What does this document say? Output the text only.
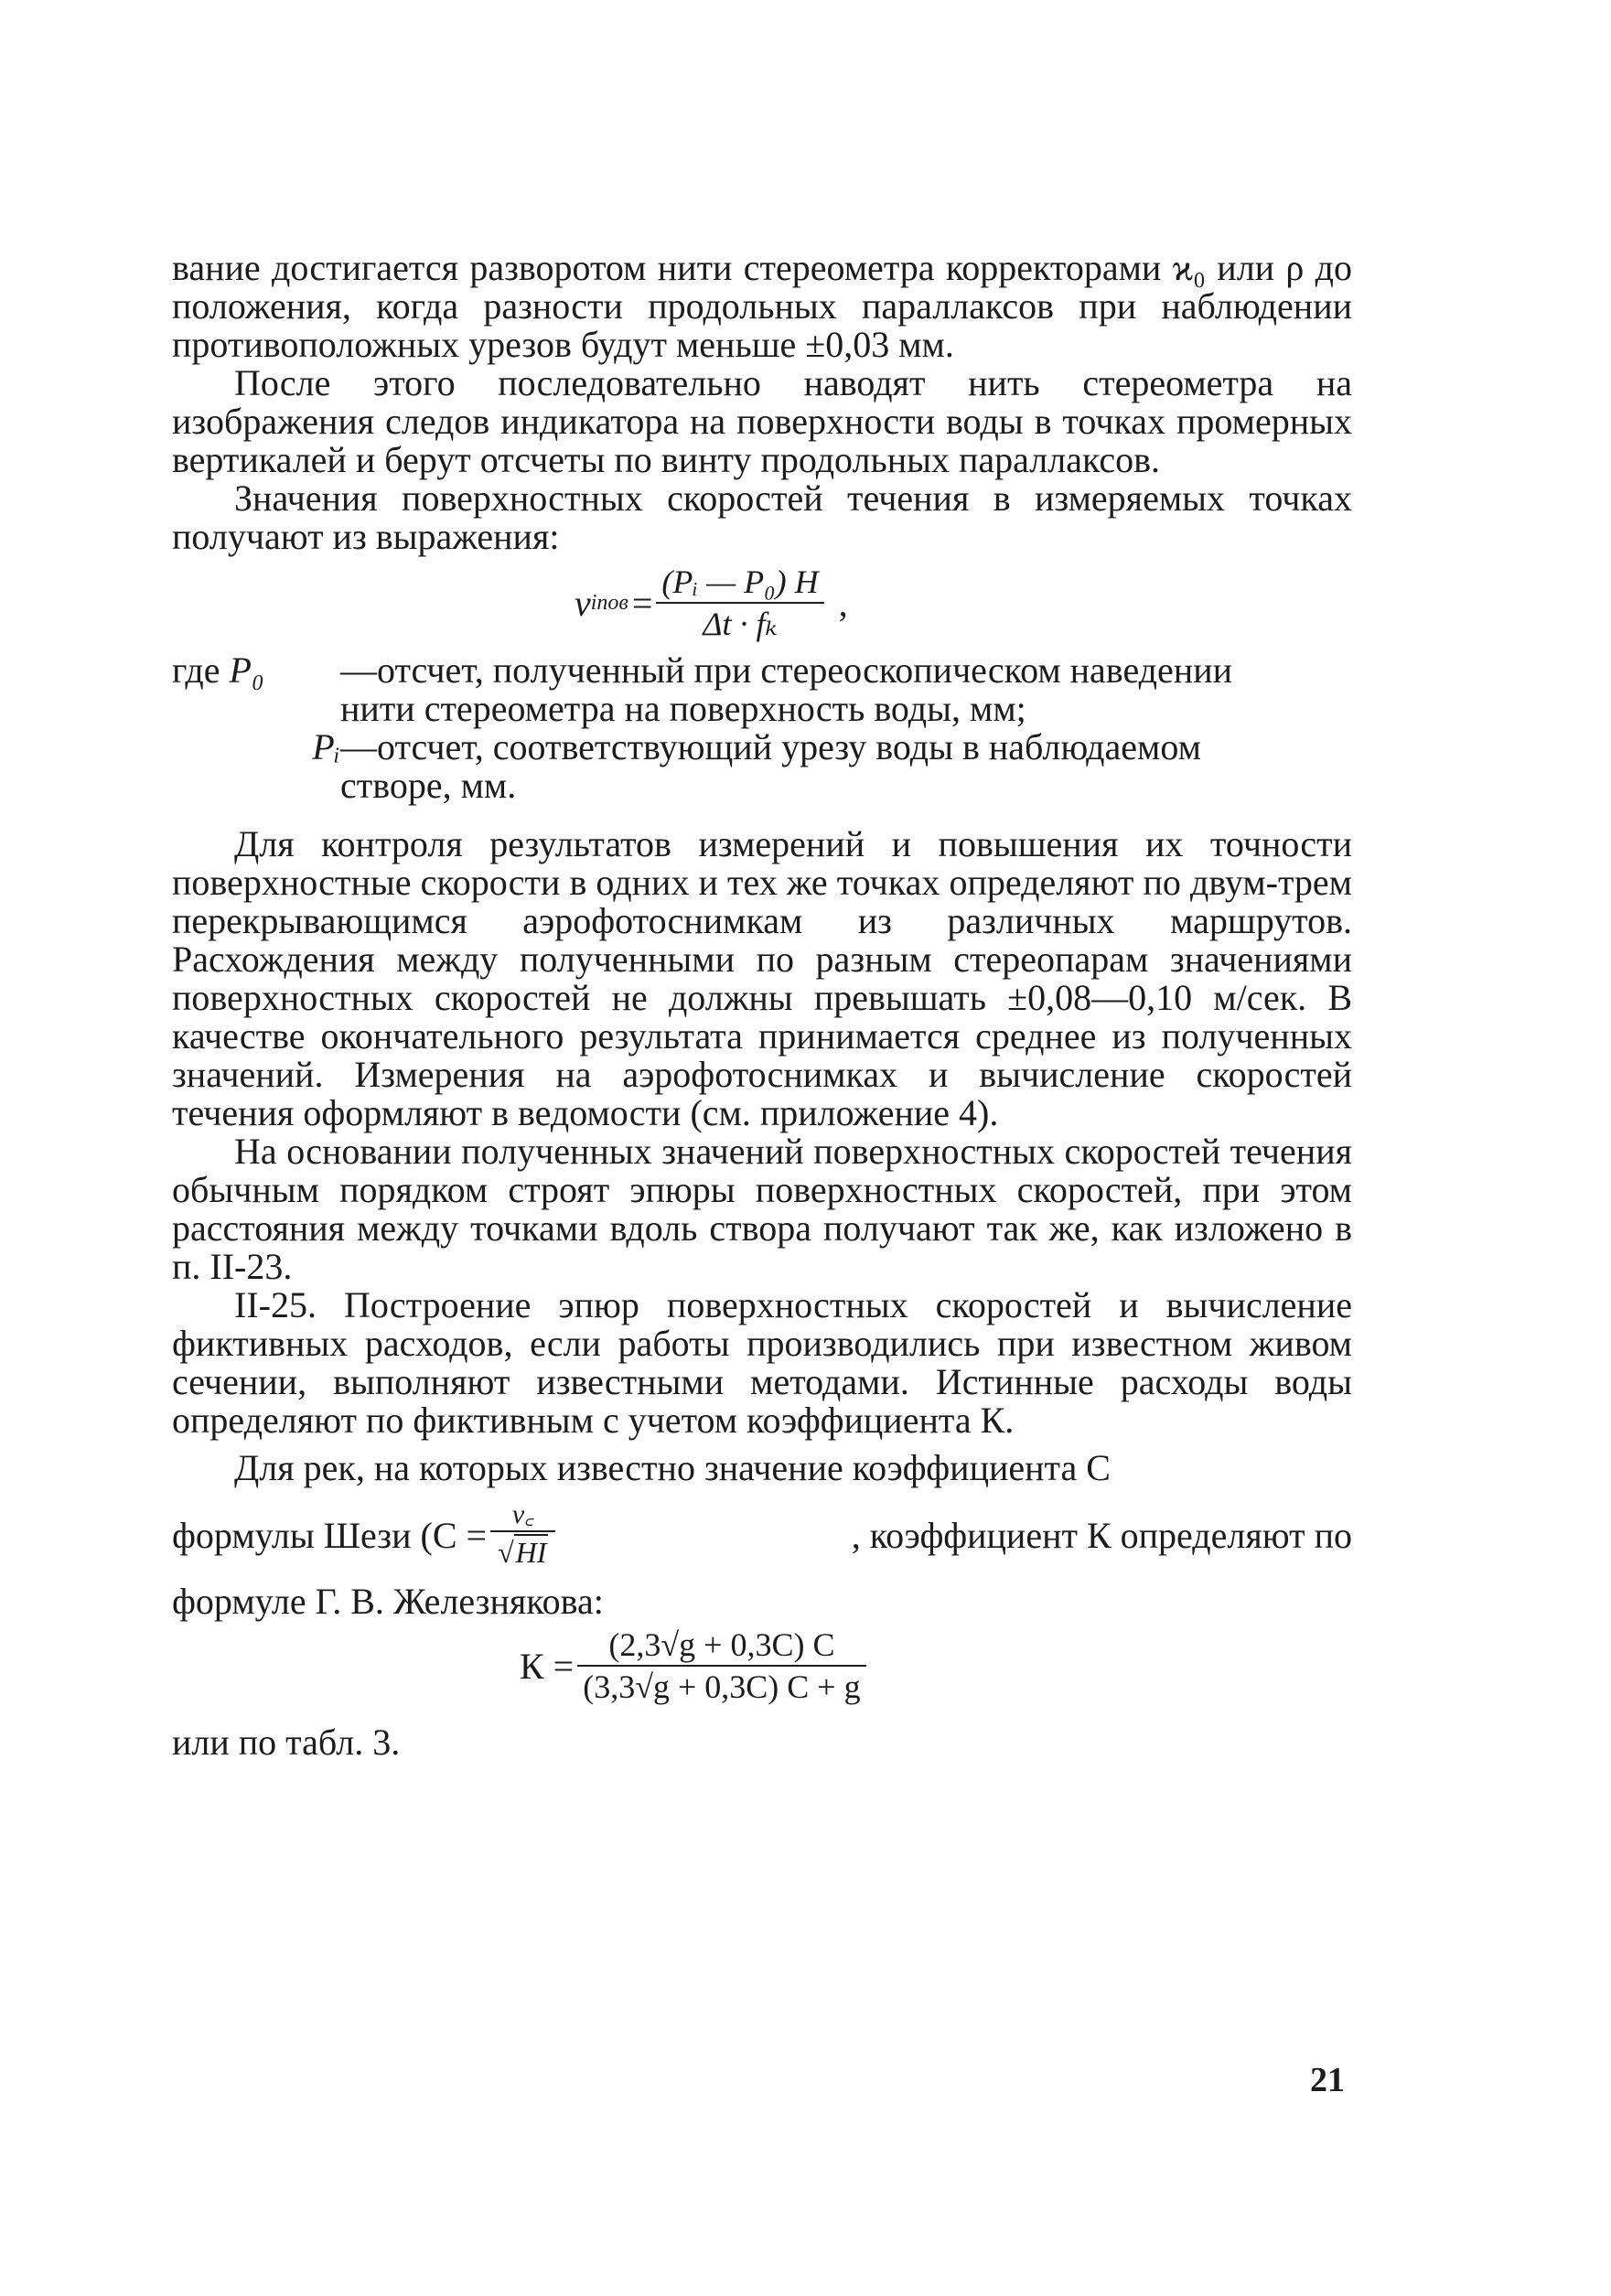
вание достигается разворотом нити стереометра корректорами ϰ₀ или ρ до положения, когда разности продольных параллаксов при наблюдении противоположных урезов будут меньше ±0,03 мм.

После этого последовательно наводят нить стереометра на изображения следов индикатора на поверхности воды в точках промерных вертикалей и берут отсчеты по винту продольных параллаксов.

Значения поверхностных скоростей течения в измеряемых точках получают из выражения:

v iпов = $\frac{\text{(Pᵢ — P₀) H}}{\text{Δt · fₖ}}$ ,
где P₀	—отсчет, полученный при стереоскопическом наведении
нити стереометра на поверхность воды, мм;
Pᵢ —отсчет, соответствующий урезу воды в наблюдаемом
створе, мм.

Для контроля результатов измерений и повышения их точности поверхностные скорости в одних и тех же точках определяют по двум-трем перекрывающимся аэрофотоснимкам из различных маршрутов. Расхождения между полученными по разным стереопарам значениями поверхностных скоростей не должны превышать ±0,08—0,10 м/сек. В качестве окончательного результата принимается среднее из полученных значений. Измерения на аэрофотоснимках и вычисление скоростей течения оформляют в ведомости (см. приложение 4).

На основании полученных значений поверхностных скоростей течения обычным порядком строят эпюры поверхностных скоростей, при этом расстояния между точками вдоль створа получают так же, как изложено в п. II-23.

II-25. Построение эпюр поверхностных скоростей и вычисление фиктивных расходов, если работы производились при известном живом сечении, выполняют известными методами. Истинные расходы воды определяют по фиктивным с учетом коэффициента К.

Для рек, на которых известно значение коэффициента С

формулы Шези ($С = \frac{v꜀}{√HI}$	, коэффициент К определяют по

формуле Г. В. Железнякова:

$К = \frac{(2,3√g + 0,3C) C}{(3,3√g + 0,3C) C + g}$

или по табл. 3.

21
